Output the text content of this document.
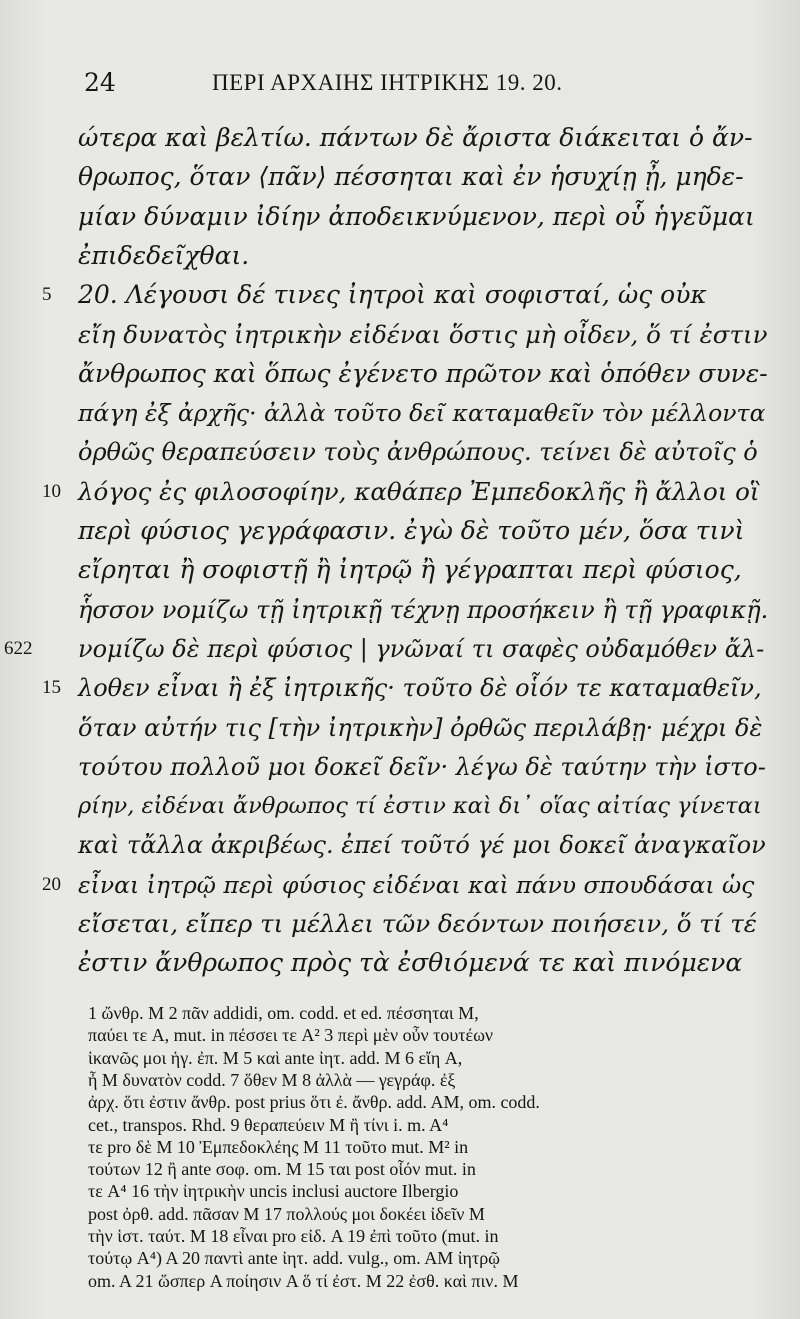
24	ΠΕΡΙ ΑΡΧΑΙΗΣ ΙΗΤΡΙΚΗΣ 19. 20.
ώτερα καὶ βελτίω. πάντων δὲ ἄριστα διάκειται ὁ ἄν-
θρωπος, ὅταν ⟨πᾶν⟩ πέσσηται καὶ ἐν ἡσυχίῃ ᾖ, μηδε-
μίαν δύναμιν ἰδίην ἀποδεικνύμενον, περὶ οὗ ἡγεῦμαι
ἐπιδεδεῖχθαι.
5	20. Λέγουσι δέ τινες ἰητροὶ καὶ σοφισταί, ὡς οὐκ
εἴη δυνατὸς ἰητρικὴν εἰδέναι ὅστις μὴ οἶδεν, ὅ τί ἐστιν
ἄνθρωπος καὶ ὅπως ἐγένετο πρῶτον καὶ ὁπόθεν συνε-
πάγη ἐξ ἀρχῆς· ἀλλὰ τοῦτο δεῖ καταμαθεῖν τὸν μέλλοντα
ὀρθῶς θεραπεύσειν τοὺς ἀνθρώπους. τείνει δὲ αὐτοῖς ὁ
10 λόγος ἐς φιλοσοφίην, καθάπερ Ἐμπεδοκλῆς ἢ ἄλλοι οἳ
περὶ φύσιος γεγράφασιν. ἐγὼ δὲ τοῦτο μέν, ὅσα τινὶ
εἴρηται ἢ σοφιστῇ ἢ ἰητρῷ ἢ γέγραπται περὶ φύσιος,
ἧσσον νομίζω τῇ ἰητρικῇ τέχνῃ προσήκειν ἢ τῇ γραφικῇ.
622 νομίζω δὲ περὶ φύσιος | γνῶναί τι σαφὲς οὐδαμόθεν ἄλ-
15 λοθεν εἶναι ἢ ἐξ ἰητρικῆς· τοῦτο δὲ οἷόν τε καταμαθεῖν,
ὅταν αὐτήν τις [τὴν ἰητρικὴν] ὀρθῶς περιλάβῃ· μέχρι δὲ
τούτου πολλοῦ μοι δοκεῖ δεῖν· λέγω δὲ ταύτην τὴν ἱστο-
ρίην, εἰδέναι ἄνθρωπος τί ἐστιν καὶ δι᾽ οἵας αἰτίας γίνεται
καὶ τἄλλα ἀκριβέως. ἐπεί τοῦτό γέ μοι δοκεῖ ἀναγκαῖον
20 εἶναι ἰητρῷ περὶ φύσιος εἰδέναι καὶ πάνυ σπουδάσαι ὡς
εἴσεται, εἴπερ τι μέλλει τῶν δεόντων ποιήσειν, ὅ τί τέ
ἐστιν ἄνθρωπος πρὸς τὰ ἐσθιόμενά τε καὶ πινόμενα
1 ὤνθρ. M 2 πᾶν addidi, om. codd. et ed. πέσσηται M,
παύει τε A, mut. in πέσσει τε A² 3 περὶ μὲν οὖν τουτέων
ἱκανῶς μοι ἡγ. ἐπ. M 5 καὶ ante ἰητ. add. M 6 εἴη A,
ἦ M δυνατὸν codd. 7 ὅθεν M 8 ἀλλὰ — γεγράφ. ἐξ
ἀρχ. ὅτι ἐστιν ἄνθρ. post prius ὅτι ἐ. ἄνθρ. add. AM, om. codd.
cet., transpos. Rhd. 9 θεραπεύειν M ἢ τίνι i. m. A⁴
τε pro δὲ M 10 Ἐμπεδοκλέης M 11 τοῦτο mut. M² in
τούτων 12 ἢ ante σοφ. om. M 15 ται post οἷόν mut. in
τε A⁴ 16 τὴν ἰητρικὴν uncis inclusi auctore Ilbergio
post ὀρθ. add. πᾶσαν M 17 πολλούς μοι δοκέει ἰδεῖν M
τὴν ἱστ. ταύτ. M 18 εἶναι pro εἰδ. A 19 ἐπὶ τοῦτο (mut. in
τούτῳ A⁴) A 20 παντὶ ante ἰητ. add. vulg., om. AM ἰητρῷ
om. A 21 ὥσπερ A ποίησιν A ὅ τί ἐστ. M 22 ἐσθ. καὶ πιν. M
